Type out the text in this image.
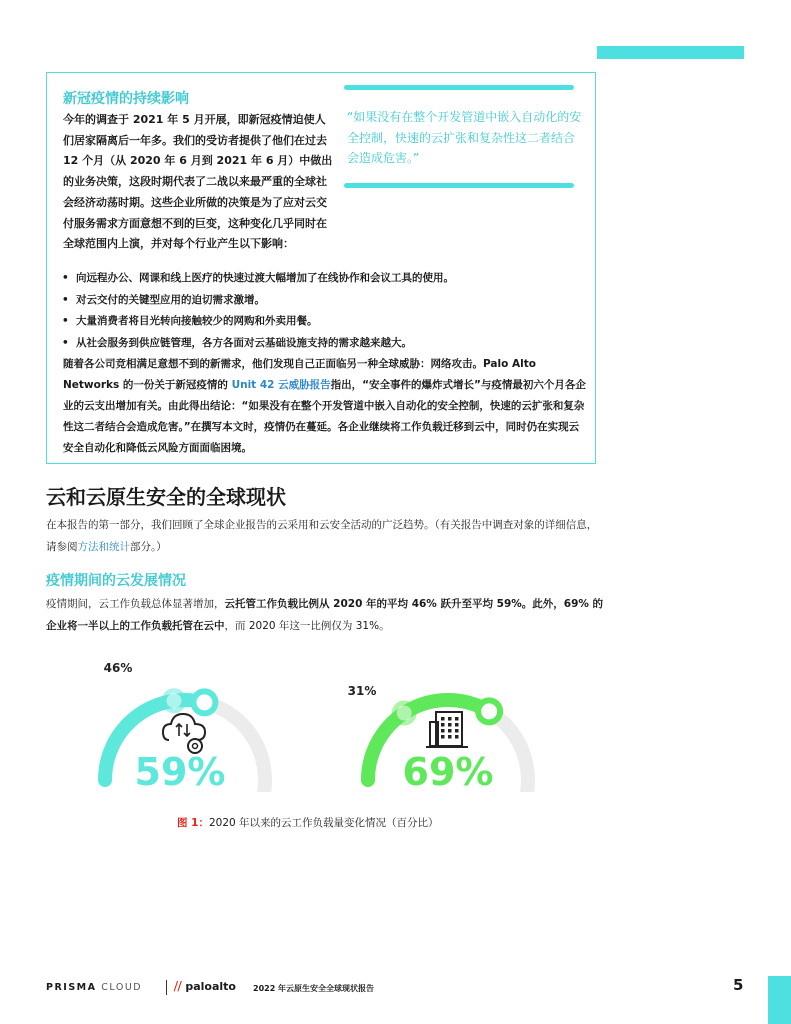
新冠疫情的持续影响
今年的调查于 2021 年 5 月开展，即新冠疫情迫使人们居家隔离后一年多。我们的受访者提供了他们在过去 12 个月（从 2020 年 6 月到 2021 年 6 月）中做出的业务决策，这段时期代表了二战以来最严重的全球社会经济动荡时期。这些企业所做的决策是为了应对云交付服务需求方面意想不到的巨变，这种变化几乎同时在全球范围内上演，并对每个行业产生以下影响：
“如果没有在整个开发管道中嵌入自动化的安全控制，快速的云扩张和复杂性这二者结合会造成危害。”
• 向远程办公、网课和线上医疗的快速过渡大幅增加了在线协作和会议工具的使用。
• 对云交付的关键型应用的迫切需求激增。
• 大量消费者将目光转向接触较少的网购和外卖用餐。
• 从社会服务到供应链管理，各方各面对云基础设施支持的需求越来越大。
随着各公司竞相满足意想不到的新需求，他们发现自己正面临另一种全球威胁：网络攻击。Palo Alto Networks 的一份关于新冠疫情的 Unit 42 云威胁报告指出，“安全事件的爆炸式增长”与疫情最初六个月各企业的云支出增加有关。由此得出结论：“如果没有在整个开发管道中嵌入自动化的安全控制，快速的云扩张和复杂性这二者结合会造成危害。”在撰写本文时，疫情仍在蔓延。各企业继续将工作负载迁移到云中，同时仍在实现云安全自动化和降低云风险方面面临困境。
云和云原生安全的全球现状
在本报告的第一部分，我们回顾了全球企业报告的云采用和云安全活动的广泛趋势。（有关报告中调查对象的详细信息，请参阅方法和统计部分。）
疫情期间的云发展情况
疫情期间，云工作负载总体显著增加，云托管工作负载比例从 2020 年的平均 46% 跃升至平均 59%。此外，69% 的企业将一半以上的工作负载托管在云中，而 2020 年这一比例仅为 31%。
59%
46%
69%
31%
图 1：2020 年以来的云工作负载量变化情况（百分比）
PRISMA CLOUD	⧸⧸ paloalto 2022 年云原生安全全球现状报告	5
